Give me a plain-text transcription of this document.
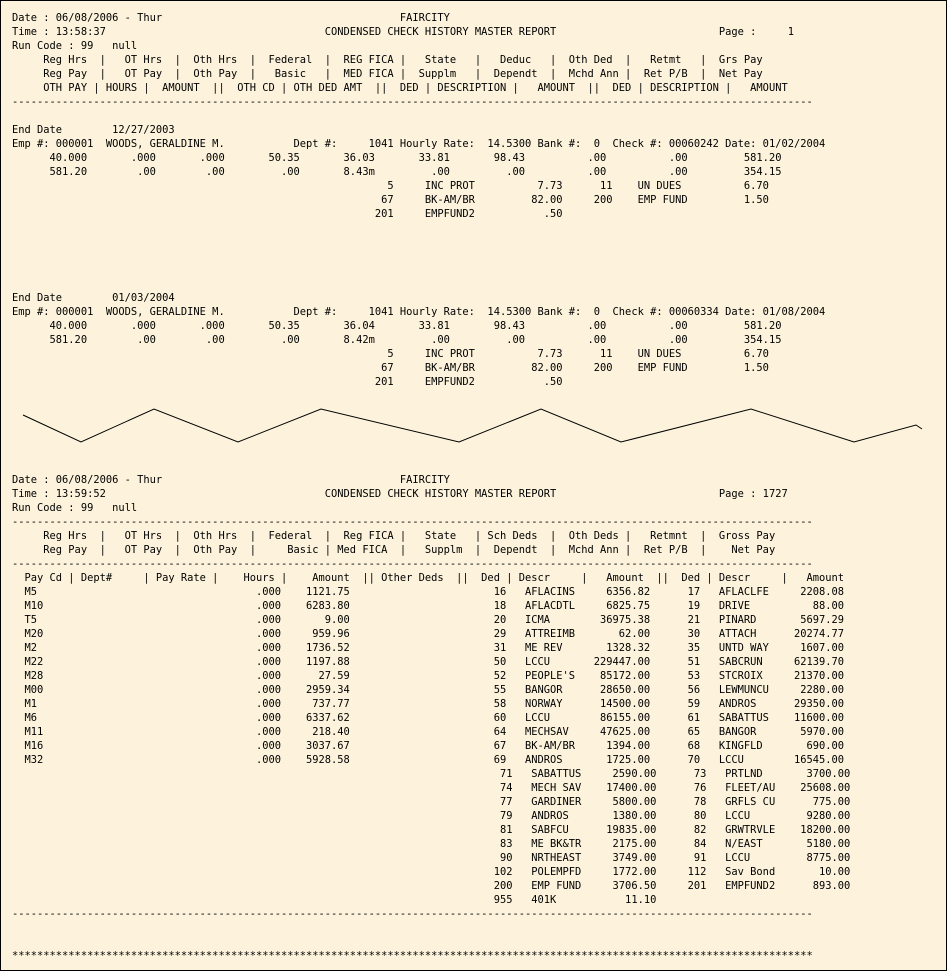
Date : 06/08/2006 - Thur                                      FAIRCITY
Time : 13:58:37                                   CONDENSED CHECK HISTORY MASTER REPORT                          Page :     1
Run Code : 99   null
Reg Hrs  |   OT Hrs  |  Oth Hrs  |  Federal  |  REG FICA |   State   |   Deduc   |  Oth Ded  |   Retmt   |  Grs Pay
Reg Pay  |   OT Pay  |  Oth Pay  |   Basic   |  MED FICA |  Supplm   |  Dependt  |  Mchd Ann |  Ret P/B  |  Net Pay
OTH PAY | HOURS |  AMOUNT  ||  OTH CD | OTH DED AMT  ||  DED | DESCRIPTION |   AMOUNT  ||  DED | DESCRIPTION |   AMOUNT
--------------------------------------------------------------------------------------------------------------------------------

End Date        12/27/2003
Emp #: 000001  WOODS, GERALDINE M.           Dept #:     1041 Hourly Rate:  14.5300 Bank #:  0  Check #: 00060242 Date: 01/02/2004
40.000       .000       .000       50.35       36.03       33.81       98.43          .00          .00         581.20
581.20        .00        .00         .00       8.43m         .00         .00          .00          .00         354.15
5     INC PROT          7.73      11    UN DUES          6.70
67     BK-AM/BR         82.00     200    EMP FUND         1.50
201     EMPFUND2           .50

End Date        01/03/2004
Emp #: 000001  WOODS, GERALDINE M.           Dept #:     1041 Hourly Rate:  14.5300 Bank #:  0  Check #: 00060334 Date: 01/08/2004
40.000       .000       .000       50.35       36.04       33.81       98.43          .00          .00         581.20
581.20        .00        .00         .00       8.42m         .00         .00          .00          .00         354.15
5     INC PROT          7.73      11    UN DUES          6.70
67     BK-AM/BR         82.00     200    EMP FUND         1.50
201     EMPFUND2           .50

Date : 06/08/2006 - Thur                                      FAIRCITY
Time : 13:59:52                                   CONDENSED CHECK HISTORY MASTER REPORT                          Page : 1727
Run Code : 99   null
--------------------------------------------------------------------------------------------------------------------------------
Reg Hrs  |   OT Hrs  |  Oth Hrs  |  Federal  |  Reg FICA |   State   | Sch Deds  |  Oth Deds |   Retmnt  |  Gross Pay
Reg Pay  |   OT Pay  |  Oth Pay  |     Basic | Med FICA  |   Supplm  |  Dependt  |  Mchd Ann |  Ret P/B  |    Net Pay
--------------------------------------------------------------------------------------------------------------------------------
Pay Cd | Dept#     | Pay Rate |    Hours |    Amount  || Other Deds  ||  Ded | Descr     |   Amount  ||  Ded | Descr     |   Amount
M5                                   .000    1121.75                       16   AFLACINS     6356.82      17   AFLACLFE     2208.08
M10                                  .000    6283.80                       18   AFLACDTL     6825.75      19   DRIVE          88.00
T5                                   .000       9.00                       20   ICMA        36975.38      21   PINARD       5697.29
M20                                  .000     959.96                       29   ATTREIMB       62.00      30   ATTACH      20274.77
M2                                   .000    1736.52                       31   ME REV       1328.32      35   UNTD WAY     1607.00
M22                                  .000    1197.88                       50   LCCU       229447.00      51   SABCRUN     62139.70
M28                                  .000      27.59                       52   PEOPLE'S    85172.00      53   STCROIX     21370.00
M00                                  .000    2959.34                       55   BANGOR      28650.00      56   LEWMUNCU     2280.00
M1                                   .000     737.77                       58   NORWAY      14500.00      59   ANDROS      29350.00
M6                                   .000    6337.62                       60   LCCU        86155.00      61   SABATTUS    11600.00
M11                                  .000     218.40                       64   MECHSAV     47625.00      65   BANGOR       5970.00
M16                                  .000    3037.67                       67   BK-AM/BR     1394.00      68   KINGFLD       690.00
M32                                  .000    5928.58                       69   ANDROS       1725.00      70   LCCU        16545.00
71   SABATTUS     2590.00      73   PRTLND       3700.00
74   MECH SAV    17400.00      76   FLEET/AU    25608.00
77   GARDINER     5800.00      78   GRFLS CU      775.00
79   ANDROS       1380.00      80   LCCU         9280.00
81   SABFCU      19835.00      82   GRWTRVLE    18200.00
83   ME BK&TR     2175.00      84   N/EAST       5180.00
90   NRTHEAST     3749.00      91   LCCU         8775.00
102   POLEMPFD     1772.00     112   Sav Bond       10.00
200   EMP FUND     3706.50     201   EMPFUND2      893.00
955   401K           11.10
--------------------------------------------------------------------------------------------------------------------------------

********************************************************************************************************************************
